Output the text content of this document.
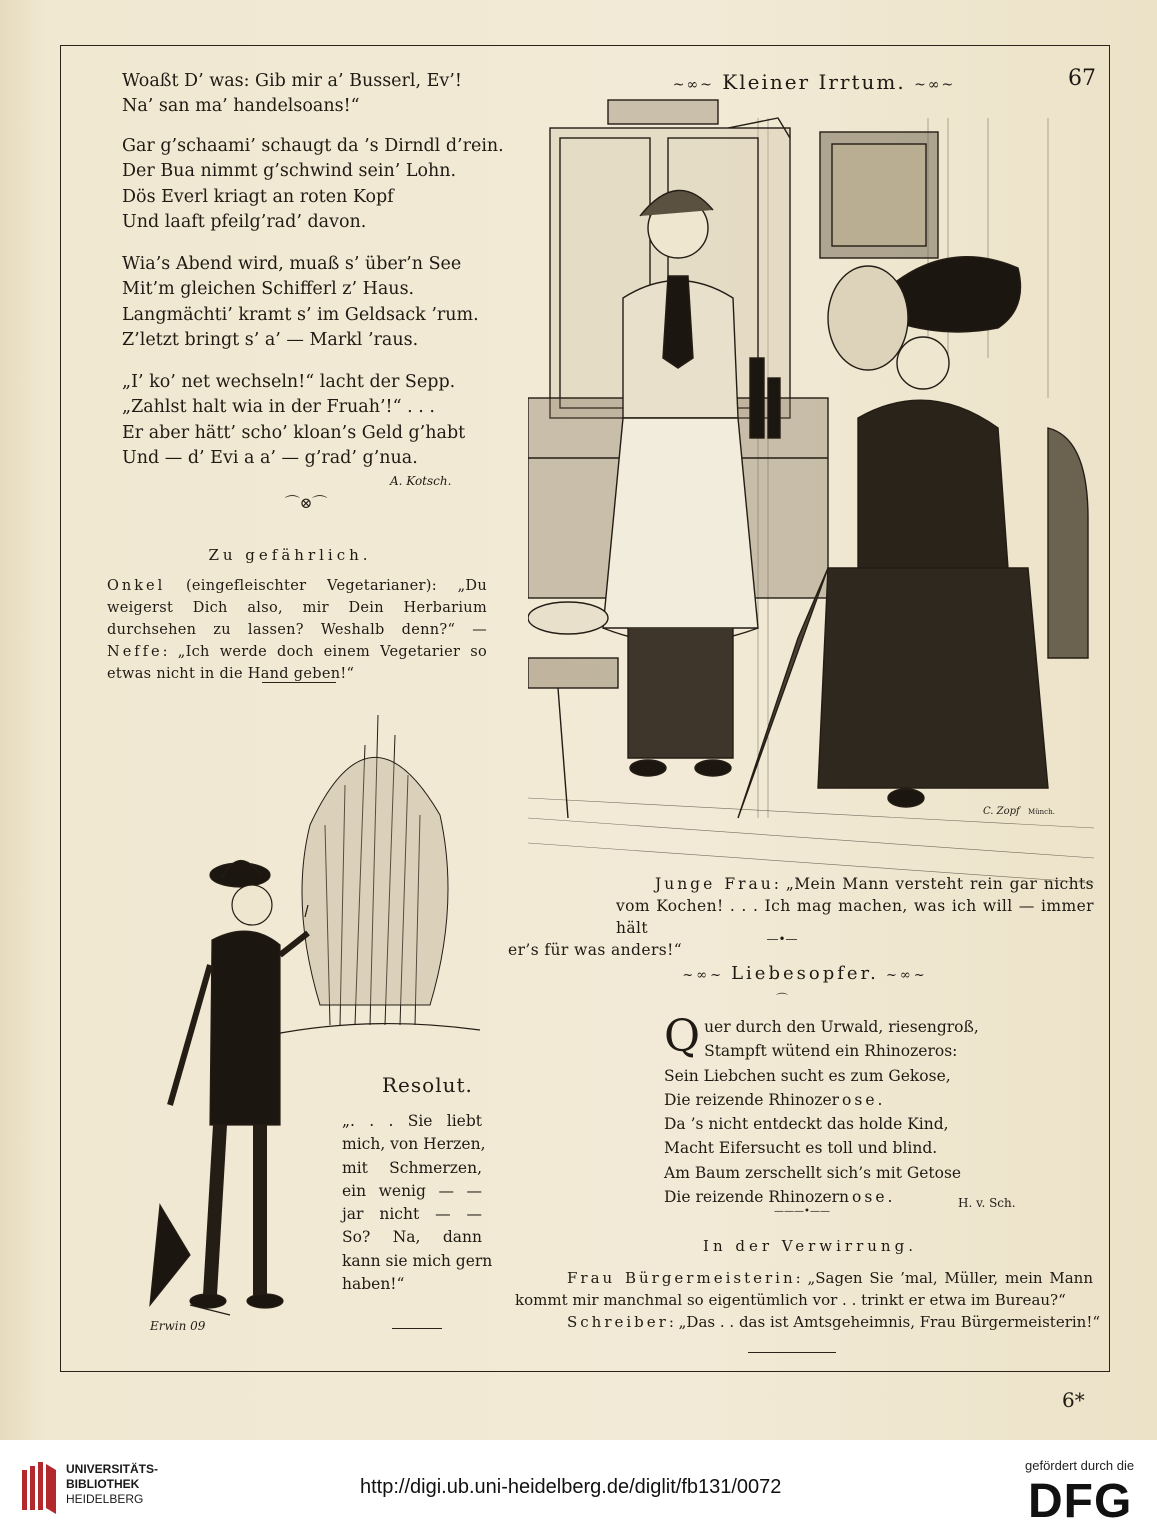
67
~∞~ Kleiner Irrtum. ~∞~
Woaßt D’ was: Gib mir a’ Busserl, Ev’!
Na’ san ma’ handelsoans!“
Gar g’schaami’ schaugt da ’s Dirndl d’rein.
Der Bua nimmt g’schwind sein’ Lohn.
Dös Everl kriagt an roten Kopf
Und laaft pfeilg’rad’ davon.
Wia’s Abend wird, muaß s’ über’n See
Mit’m gleichen Schifferl z’ Haus.
Langmächti’ kramt s’ im Geldsack ’rum.
Z’letzt bringt s’ a’ — Markl ’raus.
„I’ ko’ net wechseln!“ lacht der Sepp.
„Zahlst halt wia in der Fruah’!“ . . .
Er aber hätt’ scho’ kloan’s Geld g’habt
Und — d’ Evi a a’ — g’rad’ g’nua.
A. Kotsch.
⌒⊗⌒
Zu gefährlich.
Onkel (eingefleischter Vegetarianer): „Du weigerst Dich also, mir Dein Herbarium durchsehen zu lassen? Weshalb denn?“ — Neffe: „Ich werde doch einem Vegetarier so etwas nicht in die Hand geben!“
C. Zopf	Münch.
Junge Frau: „Mein Mann versteht rein gar nichts
vom Kochen! . . . Ich mag machen, was ich will — immer hält
er’s für was anders!“
—•—
~∞~ Liebesopfer. ~∞~
⌒
Q uer durch den Urwald, riesengroß,
Stampft wütend ein Rhinozeros:
Sein Liebchen sucht es zum Gekose,
Die reizende Rhinozerose.
Da ’s nicht entdeckt das holde Kind,
Macht Eifersucht es toll und blind.
Am Baum zerschellt sich’s mit Getose
Die reizende Rhinozernose.	H. v. Sch.
———•——
In der Verwirrung.
Frau Bürgermeisterin: „Sagen Sie ’mal, Müller, mein Mann
kommt mir manchmal so eigentümlich vor . . trinkt er etwa im Bureau?“
Schreiber: „Das . . das ist Amtsgeheimnis, Frau Bürgermeisterin!“
Erwin 09
Resolut.
„. . . Sie liebt
mich, von Herzen,
mit Schmerzen,
ein wenig — —
jar nicht — —
So? Na, dann
kann sie mich gern
haben!“
6*
UNIVERSITÄTS-
BIBLIOTHEK
HEIDELBERG
http://digi.ub.uni-heidelberg.de/diglit/fb131/0072
gefördert durch die
DFG
